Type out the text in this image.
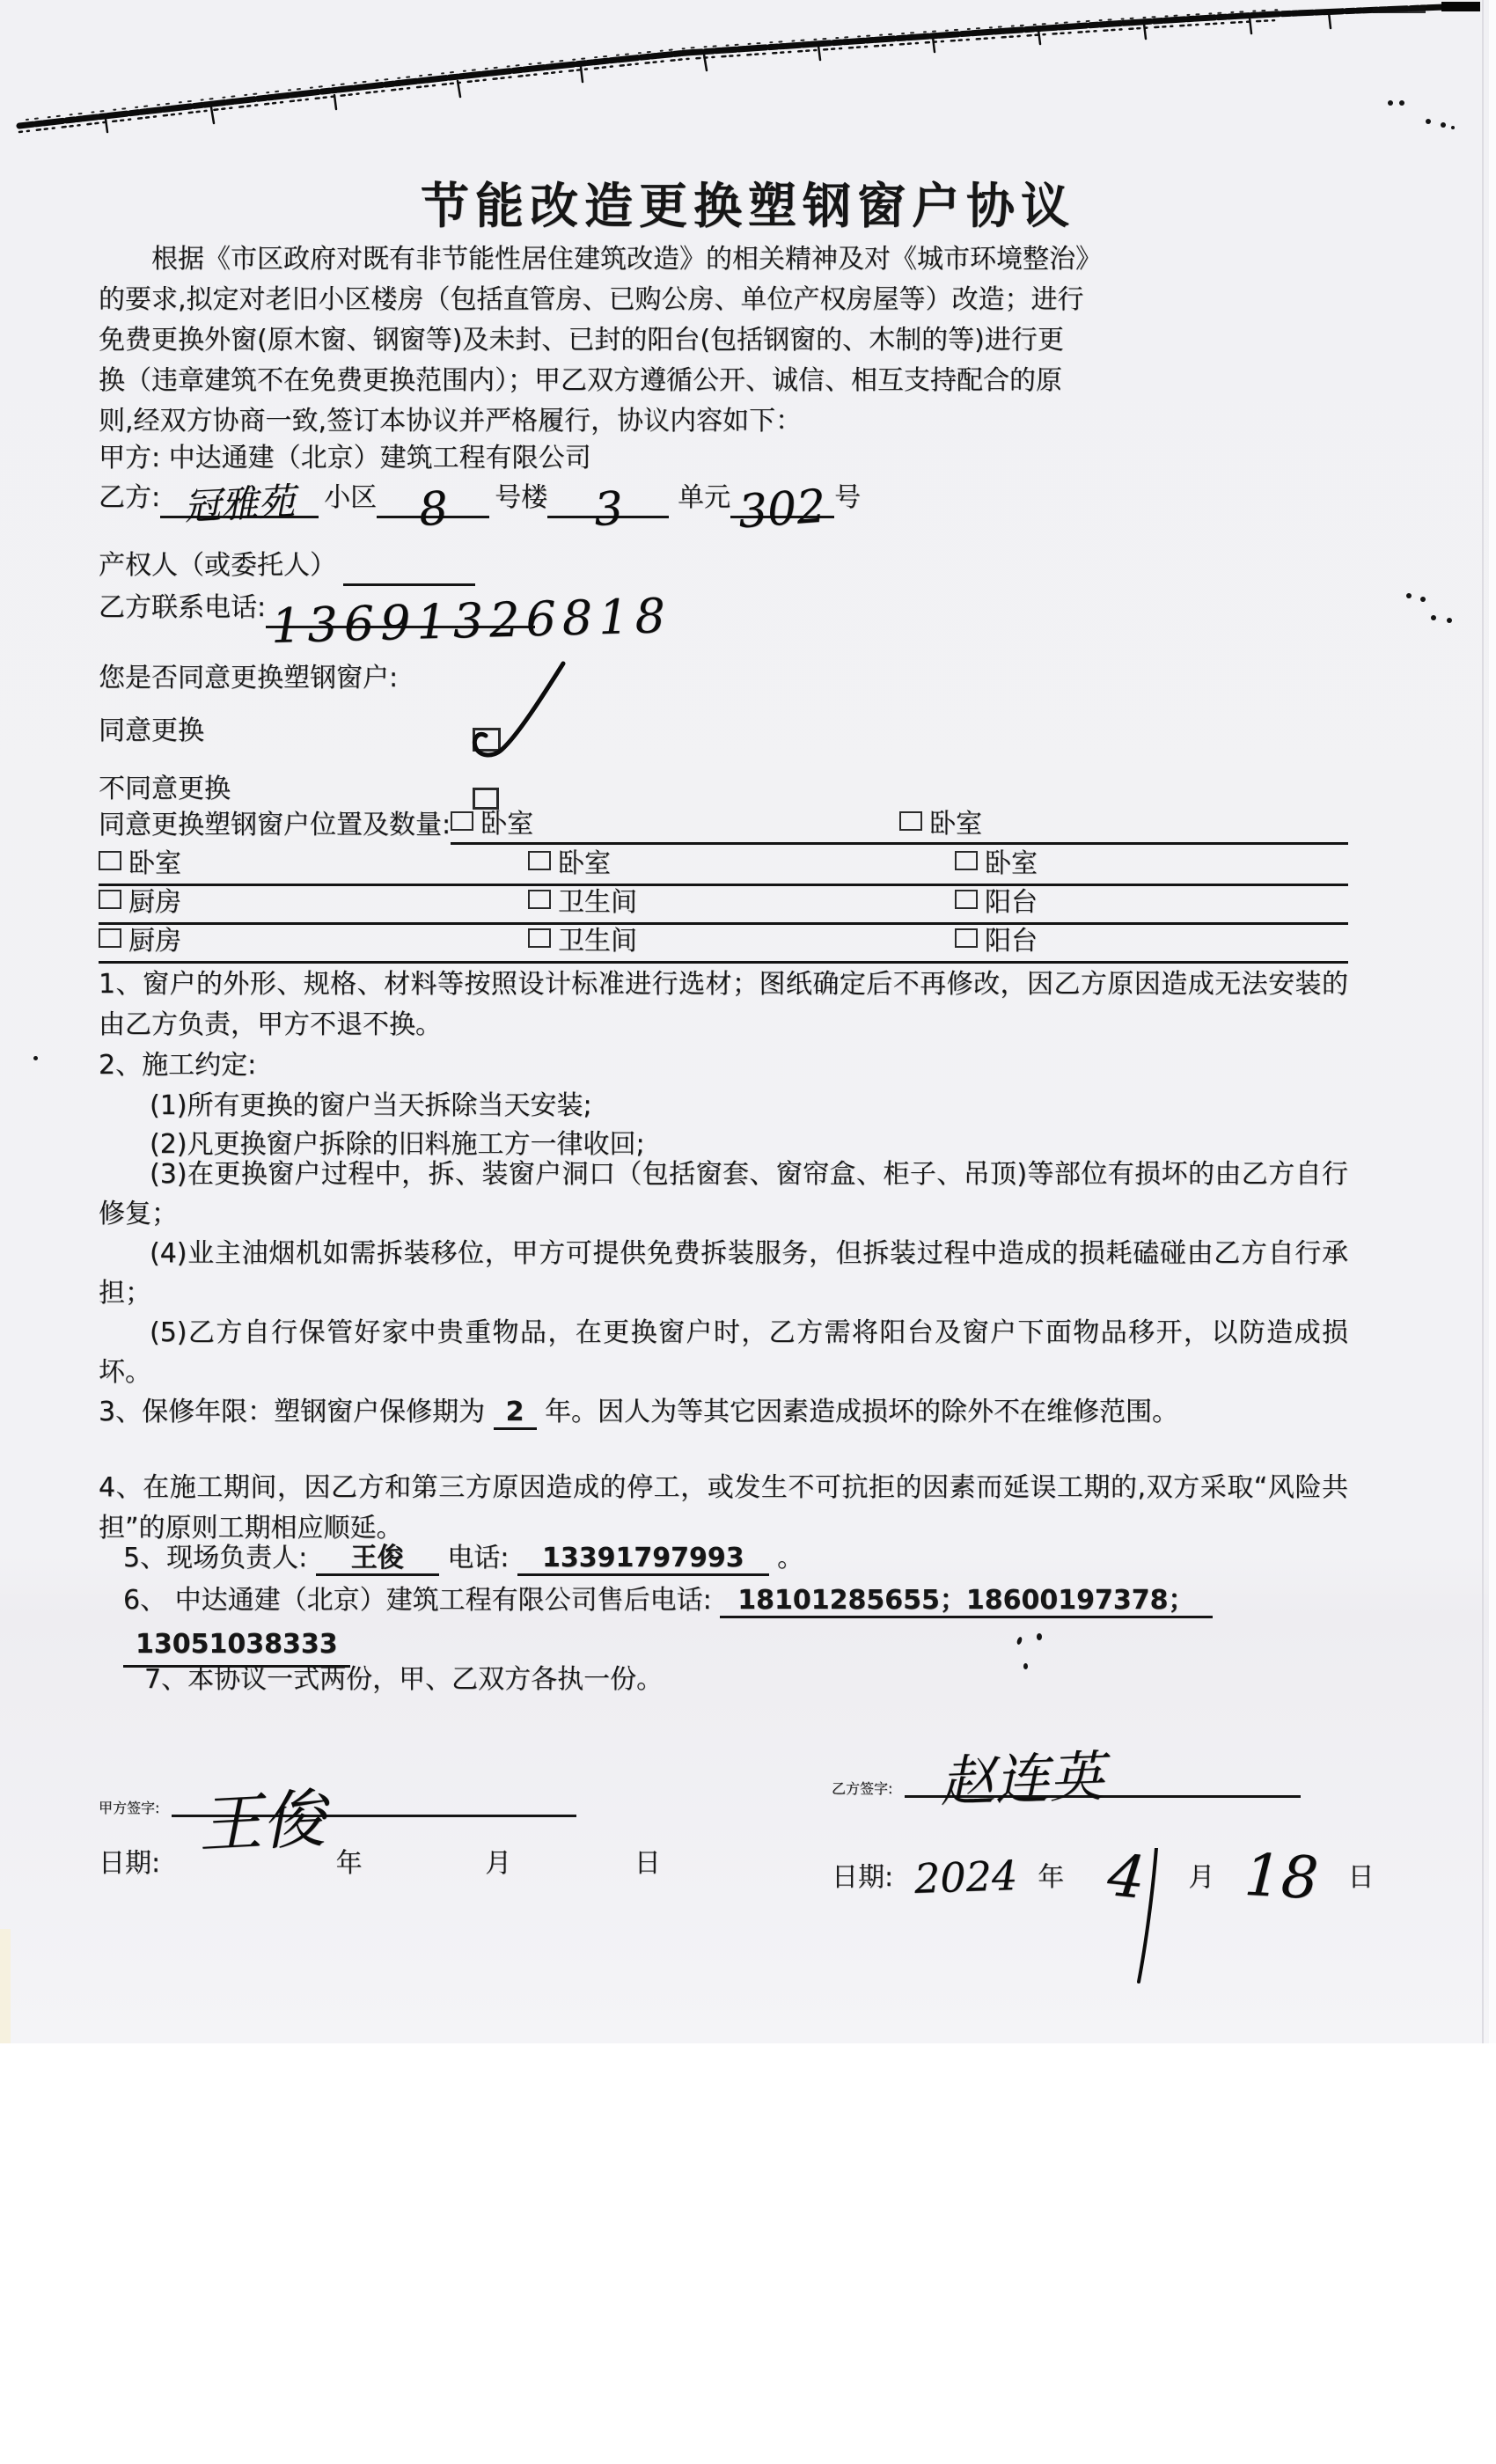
节能改造更换塑钢窗户协议
根据《市区政府对既有非节能性居住建筑改造》的相关精神及对《城市环境整治》
的要求,拟定对老旧小区楼房（包括直管房、已购公房、单位产权房屋等）改造；进行
免费更换外窗(原木窗、钢窗等)及未封、已封的阳台(包括钢窗的、木制的等)进行更
换（违章建筑不在免费更换范围内）；甲乙双方遵循公开、诚信、相互支持配合的原
则,经双方协商一致,签订本协议并严格履行，协议内容如下：
甲方: 中达通建（北京）建筑工程有限公司
乙方: 冠雅苑	小区 8	号楼 3	单元 302 号
产权人（或委托人）
乙方联系电话: 13691326818
您是否同意更换塑钢窗户:
同意更换
不同意更换
同意更换塑钢窗户位置及数量: 卧室	卧室
卧室	卧室	卧室
厨房	卫生间	阳台
厨房	卫生间	阳台
1、窗户的外形、规格、材料等按照设计标准进行选材；图纸确定后不再修改，因乙方原因造成无法安装的由乙方负责，甲方不退不换。
2、施工约定:
(1)所有更换的窗户当天拆除当天安装;
(2)凡更换窗户拆除的旧料施工方一律收回;
(3)在更换窗户过程中，拆、装窗户洞口（包括窗套、窗帘盒、柜子、吊顶)等部位有损坏的由乙方自行修复；
(4)业主油烟机如需拆装移位，甲方可提供免费拆装服务，但拆装过程中造成的损耗磕碰由乙方自行承担；
(5)乙方自行保管好家中贵重物品，在更换窗户时，乙方需将阳台及窗户下面物品移开，以防造成损坏。
3、保修年限：塑钢窗户保修期为 2 年。因人为等其它因素造成损坏的除外不在维修范围。
4、在施工期间，因乙方和第三方原因造成的停工，或发生不可抗拒的因素而延误工期的,双方采取“风险共担”的原则工期相应顺延。
5、现场负责人: 王俊 电话: 13391797993 。
6、 中达通建（北京）建筑工程有限公司售后电话: 18101285655；18600197378；
13051038333
7、本协议一式两份，甲、乙双方各执一份。
甲方签字: 王俊	乙方签字: 赵连英
日期:	年	月	日	日期: 2024 年 4 月 18 日
